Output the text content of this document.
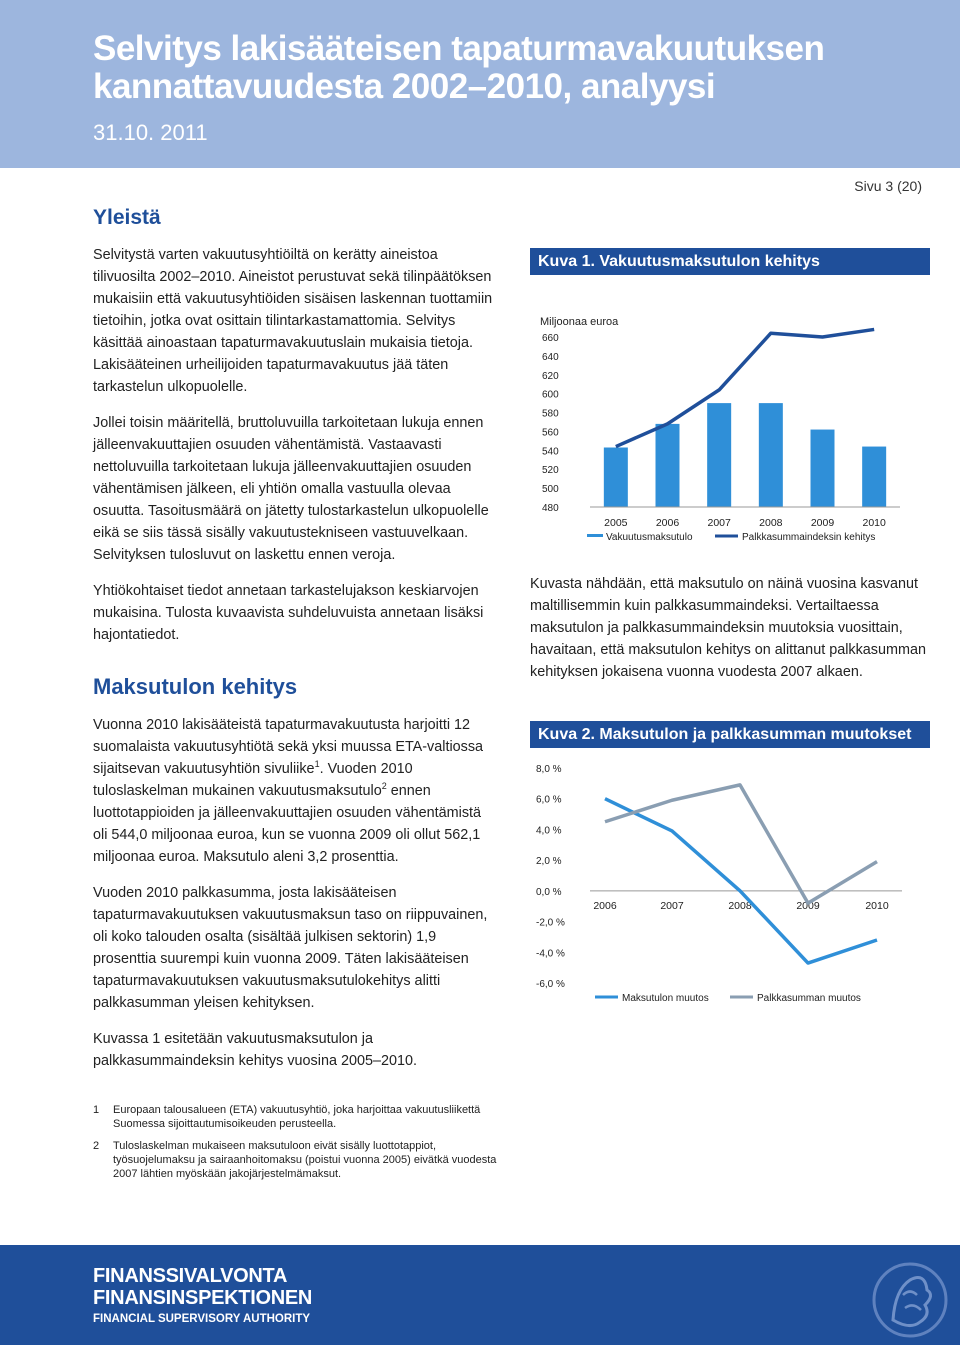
Selvitys lakisääteisen tapaturmavakuutuksen kannattavuudesta 2002–2010, analyysi
31.10. 2011
Sivu 3 (20)
Yleistä

Selvitystä varten vakuutusyhtiöiltä on kerätty aineistoa tilivuosilta 2002–2010. Aineistot perustuvat sekä tilinpäätöksen mukaisiin että vakuutusyhtiöiden sisäisen laskennan tuottamiin tietoihin, jotka ovat osittain tilintarkastamattomia. Selvitys käsittää ainoastaan tapaturmavakuutuslain mukaisia tietoja. Lakisääteinen urheilijoiden tapaturmavakuutus jää täten tarkastelun ulkopuolelle.

Jollei toisin määritellä, bruttoluvuilla tarkoitetaan lukuja ennen jälleenvakuuttajien osuuden vähentämistä. Vastaavasti nettoluvuilla tarkoitetaan lukuja jälleenvakuuttajien osuuden vähentämisen jälkeen, eli yhtiön omalla vastuulla olevaa osuutta. Tasoitusmäärä on jätetty tulostarkastelun ulkopuolelle eikä se siis tässä sisälly vakuutustekniseen vastuuvelkaan. Selvityksen tulosluvut on laskettu ennen veroja.

Yhtiökohtaiset tiedot annetaan tarkastelujakson keskiarvojen mukaisina. Tulosta kuvaavista suhdeluvuista annetaan lisäksi hajontatiedot.

Maksutulon kehitys

Vuonna 2010 lakisääteistä tapaturmavakuutusta harjoitti 12 suomalaista vakuutusyhtiötä sekä yksi muussa ETA-valtiossa sijaitsevan vakuutusyhtiön sivuliike$^1$. Vuoden 2010 tuloslaskelman mukainen vakuutusmaksutulo$^2$ ennen luottotappioiden ja jälleenvakuuttajien osuuden vähentämistä oli 544,0 miljoonaa euroa, kun se vuonna 2009 oli ollut 562,1 miljoonaa euroa. Maksutulo aleni 3,2 prosenttia.

Vuoden 2010 palkkasumma, josta lakisääteisen tapaturmavakuutuksen vakuutusmaksun taso on riippuvainen, oli koko talouden osalta (sisältää julkisen sektorin) 1,9 prosenttia suurempi kuin vuonna 2009. Täten lakisääteisen tapaturmavakuutuksen vakuutusmaksutulokehitys alitti palkkasumman yleisen kehityksen.

Kuvassa 1 esitetään vakuutusmaksutulon ja palkkasummaindeksin kehitys vuosina 2005–2010.

Kuva 1. Vakuutusmaksutulon kehitys
Miljoonaa euroa
660
640
620
600
580
560
540
520
500
480
2005	2006	2007	2008	2009	2010
Vakuutusmaksutulo	Palkkasummaindeksin kehitys
Kuvasta nähdään, että maksutulo on näinä vuosina kasvanut maltillisemmin kuin palkkasummaindeksi. Vertailtaessa maksutulon ja palkkasummaindeksin muutoksia vuosittain, havaitaan, että maksutulon kehitys on alittanut palkkasumman kehityksen jokaisena vuonna vuodesta 2007 alkaen.
Kuva 2. Maksutulon ja palkkasumman muutokset
8,0 %
6,0 %
4,0 %
2,0 %
0,0 %
-2,0 %
-4,0 %
-6,0 %
2006	2007	2008	2009	2010
Maksutulon muutos	Palkkasumman muutos
1	Europaan talousalueen (ETA) vakuutusyhtiö, joka harjoittaa vakuutusliikettä Suomessa sijoittautumisoikeuden perusteella.
2	Tuloslaskelman mukaiseen maksutuloon eivät sisälly luottotappiot, työsuojelumaksu ja sairaanhoitomaksu (poistui vuonna 2005) eivätkä vuodesta 2007 lähtien myöskään jakojärjestelmämaksut.
FINANSSIVALVONTA
FINANSINSPEKTIONEN
FINANCIAL SUPERVISORY AUTHORITY
